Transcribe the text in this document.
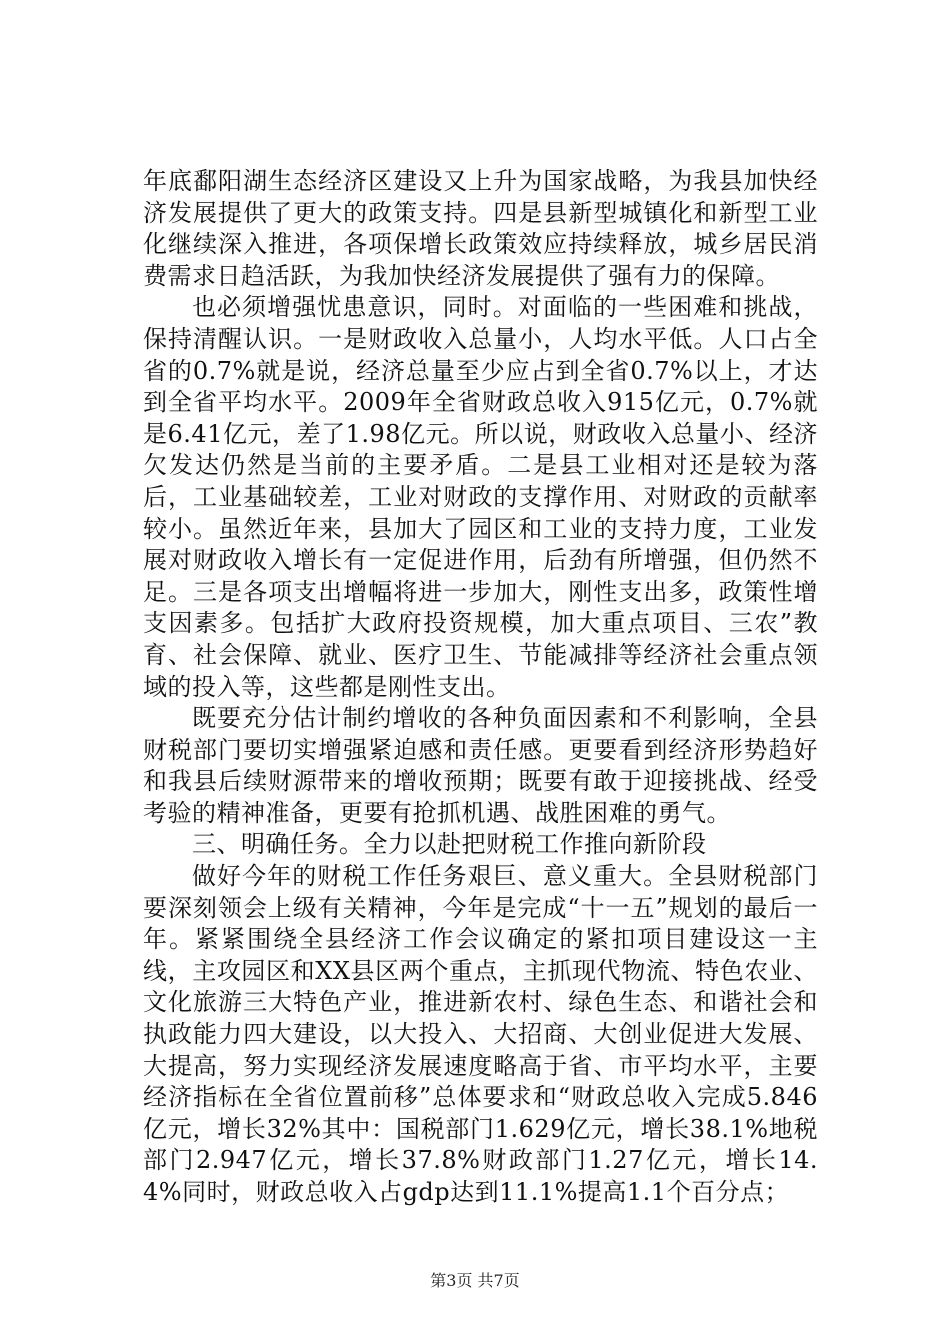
年底鄱阳湖生态经济区建设又上升为国家战略，为我县加快经济发展提供了更大的政策支持。四是县新型城镇化和新型工业化继续深入推进，各项保增长政策效应持续释放，城乡居民消费需求日趋活跃，为我加快经济发展提供了强有力的保障。

也必须增强忧患意识，同时。对面临的一些困难和挑战，保持清醒认识。一是财政收入总量小，人均水平低。人口占全省的0.7%就是说，经济总量至少应占到全省0.7%以上，才达到全省平均水平。2009年全省财政总收入915亿元，0.7%就是6.41亿元，差了1.98亿元。所以说，财政收入总量小、经济欠发达仍然是当前的主要矛盾。二是县工业相对还是较为落后，工业基础较差，工业对财政的支撑作用、对财政的贡献率较小。虽然近年来，县加大了园区和工业的支持力度，工业发展对财政收入增长有一定促进作用，后劲有所增强，但仍然不足。三是各项支出增幅将进一步加大，刚性支出多，政策性增支因素多。包括扩大政府投资规模，加大重点项目、三农”教育、社会保障、就业、医疗卫生、节能减排等经济社会重点领域的投入等，这些都是刚性支出。

既要充分估计制约增收的各种负面因素和不利影响，全县财税部门要切实增强紧迫感和责任感。更要看到经济形势趋好和我县后续财源带来的增收预期；既要有敢于迎接挑战、经受考验的精神准备，更要有抢抓机遇、战胜困难的勇气。

三、明确任务。全力以赴把财税工作推向新阶段

做好今年的财税工作任务艰巨、意义重大。全县财税部门要深刻领会上级有关精神，今年是完成“十一五”规划的最后一年。紧紧围绕全县经济工作会议确定的紧扣项目建设这一主线，主攻园区和XX县区两个重点，主抓现代物流、特色农业、文化旅游三大特色产业，推进新农村、绿色生态、和谐社会和执政能力四大建设，以大投入、大招商、大创业促进大发展、大提高，努力实现经济发展速度略高于省、市平均水平，主要经济指标在全省位置前移”总体要求和“财政总收入完成5.846亿元，增长32%其中：国税部门1.629亿元，增长38.1%地税部门2.947亿元，增长37.8%财政部门1.27亿元，增长14.4%同时，财政总收入占gdp达到11.1%提高1.1个百分点；

第3页 共7页
